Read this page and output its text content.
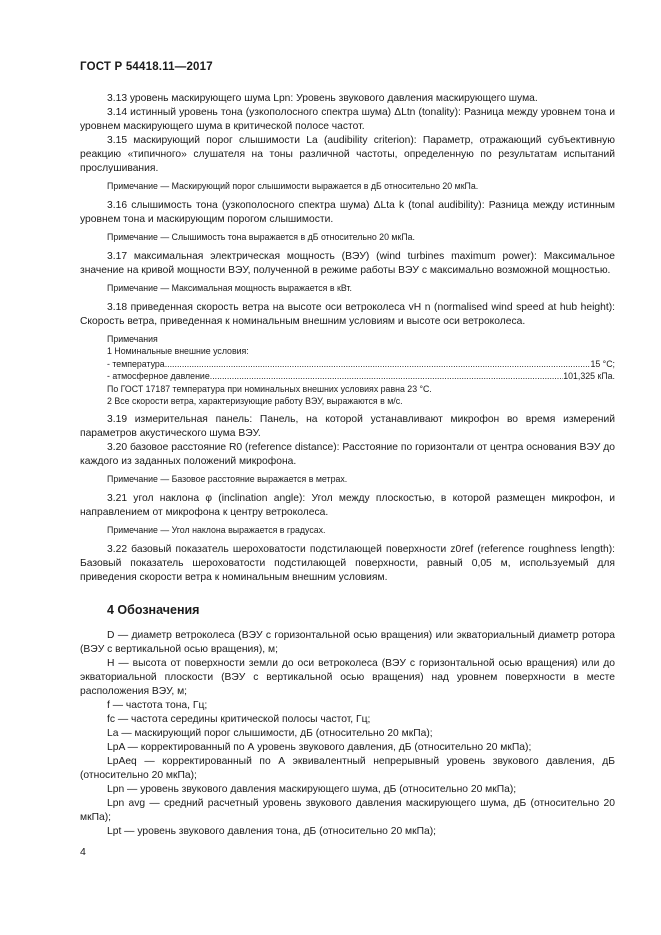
ГОСТ Р 54418.11—2017

3.13 уровень маскирующего шума Lpn: Уровень звукового давления маскирующего шума.

3.14 истинный уровень тона (узкополосного спектра шума) ΔLtn (tonality): Разница между уровнем тона и уровнем маскирующего шума в критической полосе частот.

3.15 маскирующий порог слышимости La (audibility criterion): Параметр, отражающий субъективную реакцию «типичного» слушателя на тоны различной частоты, определенную по результатам испытаний прослушивания.

Примечание — Маскирующий порог слышимости выражается в дБ относительно 20 мкПа.

3.16 слышимость тона (узкополосного спектра шума) ΔLta k (tonal audibility): Разница между истинным уровнем тона и маскирующим порогом слышимости.

Примечание — Слышимость тона выражается в дБ относительно 20 мкПа.

3.17 максимальная электрическая мощность (ВЭУ) (wind turbines maximum power): Максимальное значение на кривой мощности ВЭУ, полученной в режиме работы ВЭУ с максимально возможной мощностью.

Примечание — Максимальная мощность выражается в кВт.

3.18 приведенная скорость ветра на высоте оси ветроколеса vH n (normalised wind speed at hub height): Скорость ветра, приведенная к номинальным внешним условиям и высоте оси ветроколеса.

Примечания
1 Номинальные внешние условия:
- температура .....	15 °С;
- атмосферное давление .....	101,325 кПа.
По ГОСТ 17187 температура при номинальных внешних условиях равна 23 °С.
2 Все скорости ветра, характеризующие работу ВЭУ, выражаются в м/с.

3.19 измерительная панель: Панель, на которой устанавливают микрофон во время измерений параметров акустического шума ВЭУ.

3.20 базовое расстояние R0 (reference distance): Расстояние по горизонтали от центра основания ВЭУ до каждого из заданных положений микрофона.

Примечание — Базовое расстояние выражается в метрах.

3.21 угол наклона φ (inclination angle): Угол между плоскостью, в которой размещен микрофон, и направлением от микрофона к центру ветроколеса.

Примечание — Угол наклона выражается в градусах.

3.22 базовый показатель шероховатости подстилающей поверхности z0ref (reference roughness length): Базовый показатель шероховатости подстилающей поверхности, равный 0,05 м, используемый для приведения скорости ветра к номинальным внешним условиям.

4 Обозначения

D — диаметр ветроколеса (ВЭУ с горизонтальной осью вращения) или экваториальный диаметр ротора (ВЭУ с вертикальной осью вращения), м;

H — высота от поверхности земли до оси ветроколеса (ВЭУ с горизонтальной осью вращения) или до экваториальной плоскости (ВЭУ с вертикальной осью вращения) над уровнем поверхности в месте расположения ВЭУ, м;

f — частота тона, Гц;

fc — частота середины критической полосы частот, Гц;

La — маскирующий порог слышимости, дБ (относительно 20 мкПа);

LpA — корректированный по А уровень звукового давления, дБ (относительно 20 мкПа);

LpAeq — корректированный по А эквивалентный непрерывный уровень звукового давления, дБ (относительно 20 мкПа);

Lpn — уровень звукового давления маскирующего шума, дБ (относительно 20 мкПа);

Lpn avg — средний расчетный уровень звукового давления маскирующего шума, дБ (относительно 20 мкПа);

Lpt — уровень звукового давления тона, дБ (относительно 20 мкПа);

4
